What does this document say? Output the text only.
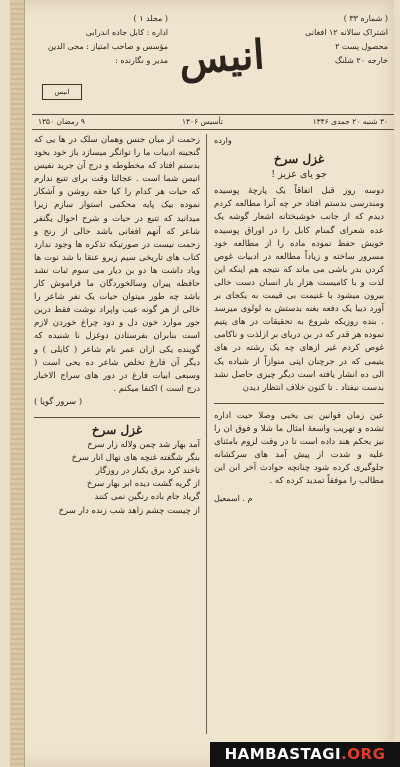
( شماره ۳۳ )
اشتراک سالانه ۱۲ افغانی
محصول پست ۲
خارجه ۲۰ شلنگ
انیس
( مجلد ۱ )
اداره : کابل جاده اندرابی
مؤسس و صاحب امتیاز : محی الدین
مدیر و نگارنده :
انیس
۳۰ شنبه ۲۰ جمدی ۱۳۴۶
تأسیس ۱۳۰۶
۹ رمضان ۱۳۵۰
وارده
غزل سرخ
جو یای عزیز !
دوسه روز قبل اتفاقاً یک پارچهٔ پوسیده ومندرسی بدستم افتاد حر چه آنرا مطالعه کردم دیدم که از جانب خوشبختانه اشعار گوشه یک عده شعرای گمنام کابل را در اوراق پوسیده خویش حفظ نموده ماده را از مطالعه خود مسرور ساخته و زیاداً مطالعه در ادبیات غوص کردن بدر باشی می ماند که نتیجه هم اینکه این لذت و با کامیست هزار بار انسان دست خالی بیرون میشود با غنیمت بی قیمت به یکجای بر آورد دیبا یک دفعه بغنه بدستش به لولوی میرسد . بنده روزیکه شروع به تحقیقات در های پتیم نموده هر قدر که در بن دریای بر ازلذت و ناکامی غوص کردم غیر ازهای چه یک رشته در های یتیمی که در جرچنان اپتی منوازاً از شیاده یک الی ده انشار یافته است دیگر چیزی حاصل نشد بدست نیفتاد . تا کنون خلاف انتظار دیدن
عین زمان قوانین بی بخبی وصلا حیت اداره تشده و تهریب واسعهٔ امثال ما شلا و فوق ان را نیز بحکم هند داده است تا در وقت لزوم بامثنای علیه و شدت از پیش آمد های سرکشانه جلوگیری کرده شود چنانچه حوادث آخر ابن این مطالب را موفقاً تمدید کرده که .
م . اسمعیل
زحمت از میان جنس وهمان سلک در ها یی که گنجینه ادبیات ما را توانگر میسازد باز خود بخود بدستم افتاد که مخطوطه و درج آن جرید نفیس انیس شما است . عجالتا وقت برای تتبع ندارم که حیات هر کدام را کیا حقه روشن و آشکار نموده بیک پایه محکمی استوار سازم زیرا میدانید که تتبع در حیات و شرح احوال یگنفر شاعر که آنهم افغانی باشد خالی از رنج و زحمت نیست در صورتیکه تذکره ها وجود ندارد کتاب های تاریخی سیم زیرو عنقا با شد نوت ها ویاد داشت ها دو بن دیار می سوم ثبات نشد حافظه پیران وسالخوردگان ما فراموش کار باشد چه طور میتوان حیات یک نفر شاعر را خالی از هر گونه عیب واپراد نوشت فقط درین جور موارد خون دل و دود چراغ خوردن لازم است بنابران بفرستادن دوغزل نا شنیده که گوینده یکی ازان عمر نام شاعر ( کابلی ) و دیگر آن فارغ تخلص شاعر ده یحی است ( وسبعی ابیات فارغ در دور های سراج الاخبار درج است ) اکتفا میکنم .
( سرور گویا )
غزل سرخ
آمد بهار شد چمن ولاله زار سرخ
بنگر شگفته غنچه های نهال انار سرخ
تاخند کرد برق یکبار در روزگار
از گریه گشت دیده ابر بهار سرخ
گریاد جام باده رنگین نمی کنند
از چیست چشم زاهد شب زنده دار سرخ
HAMBASTAGI.ORG
